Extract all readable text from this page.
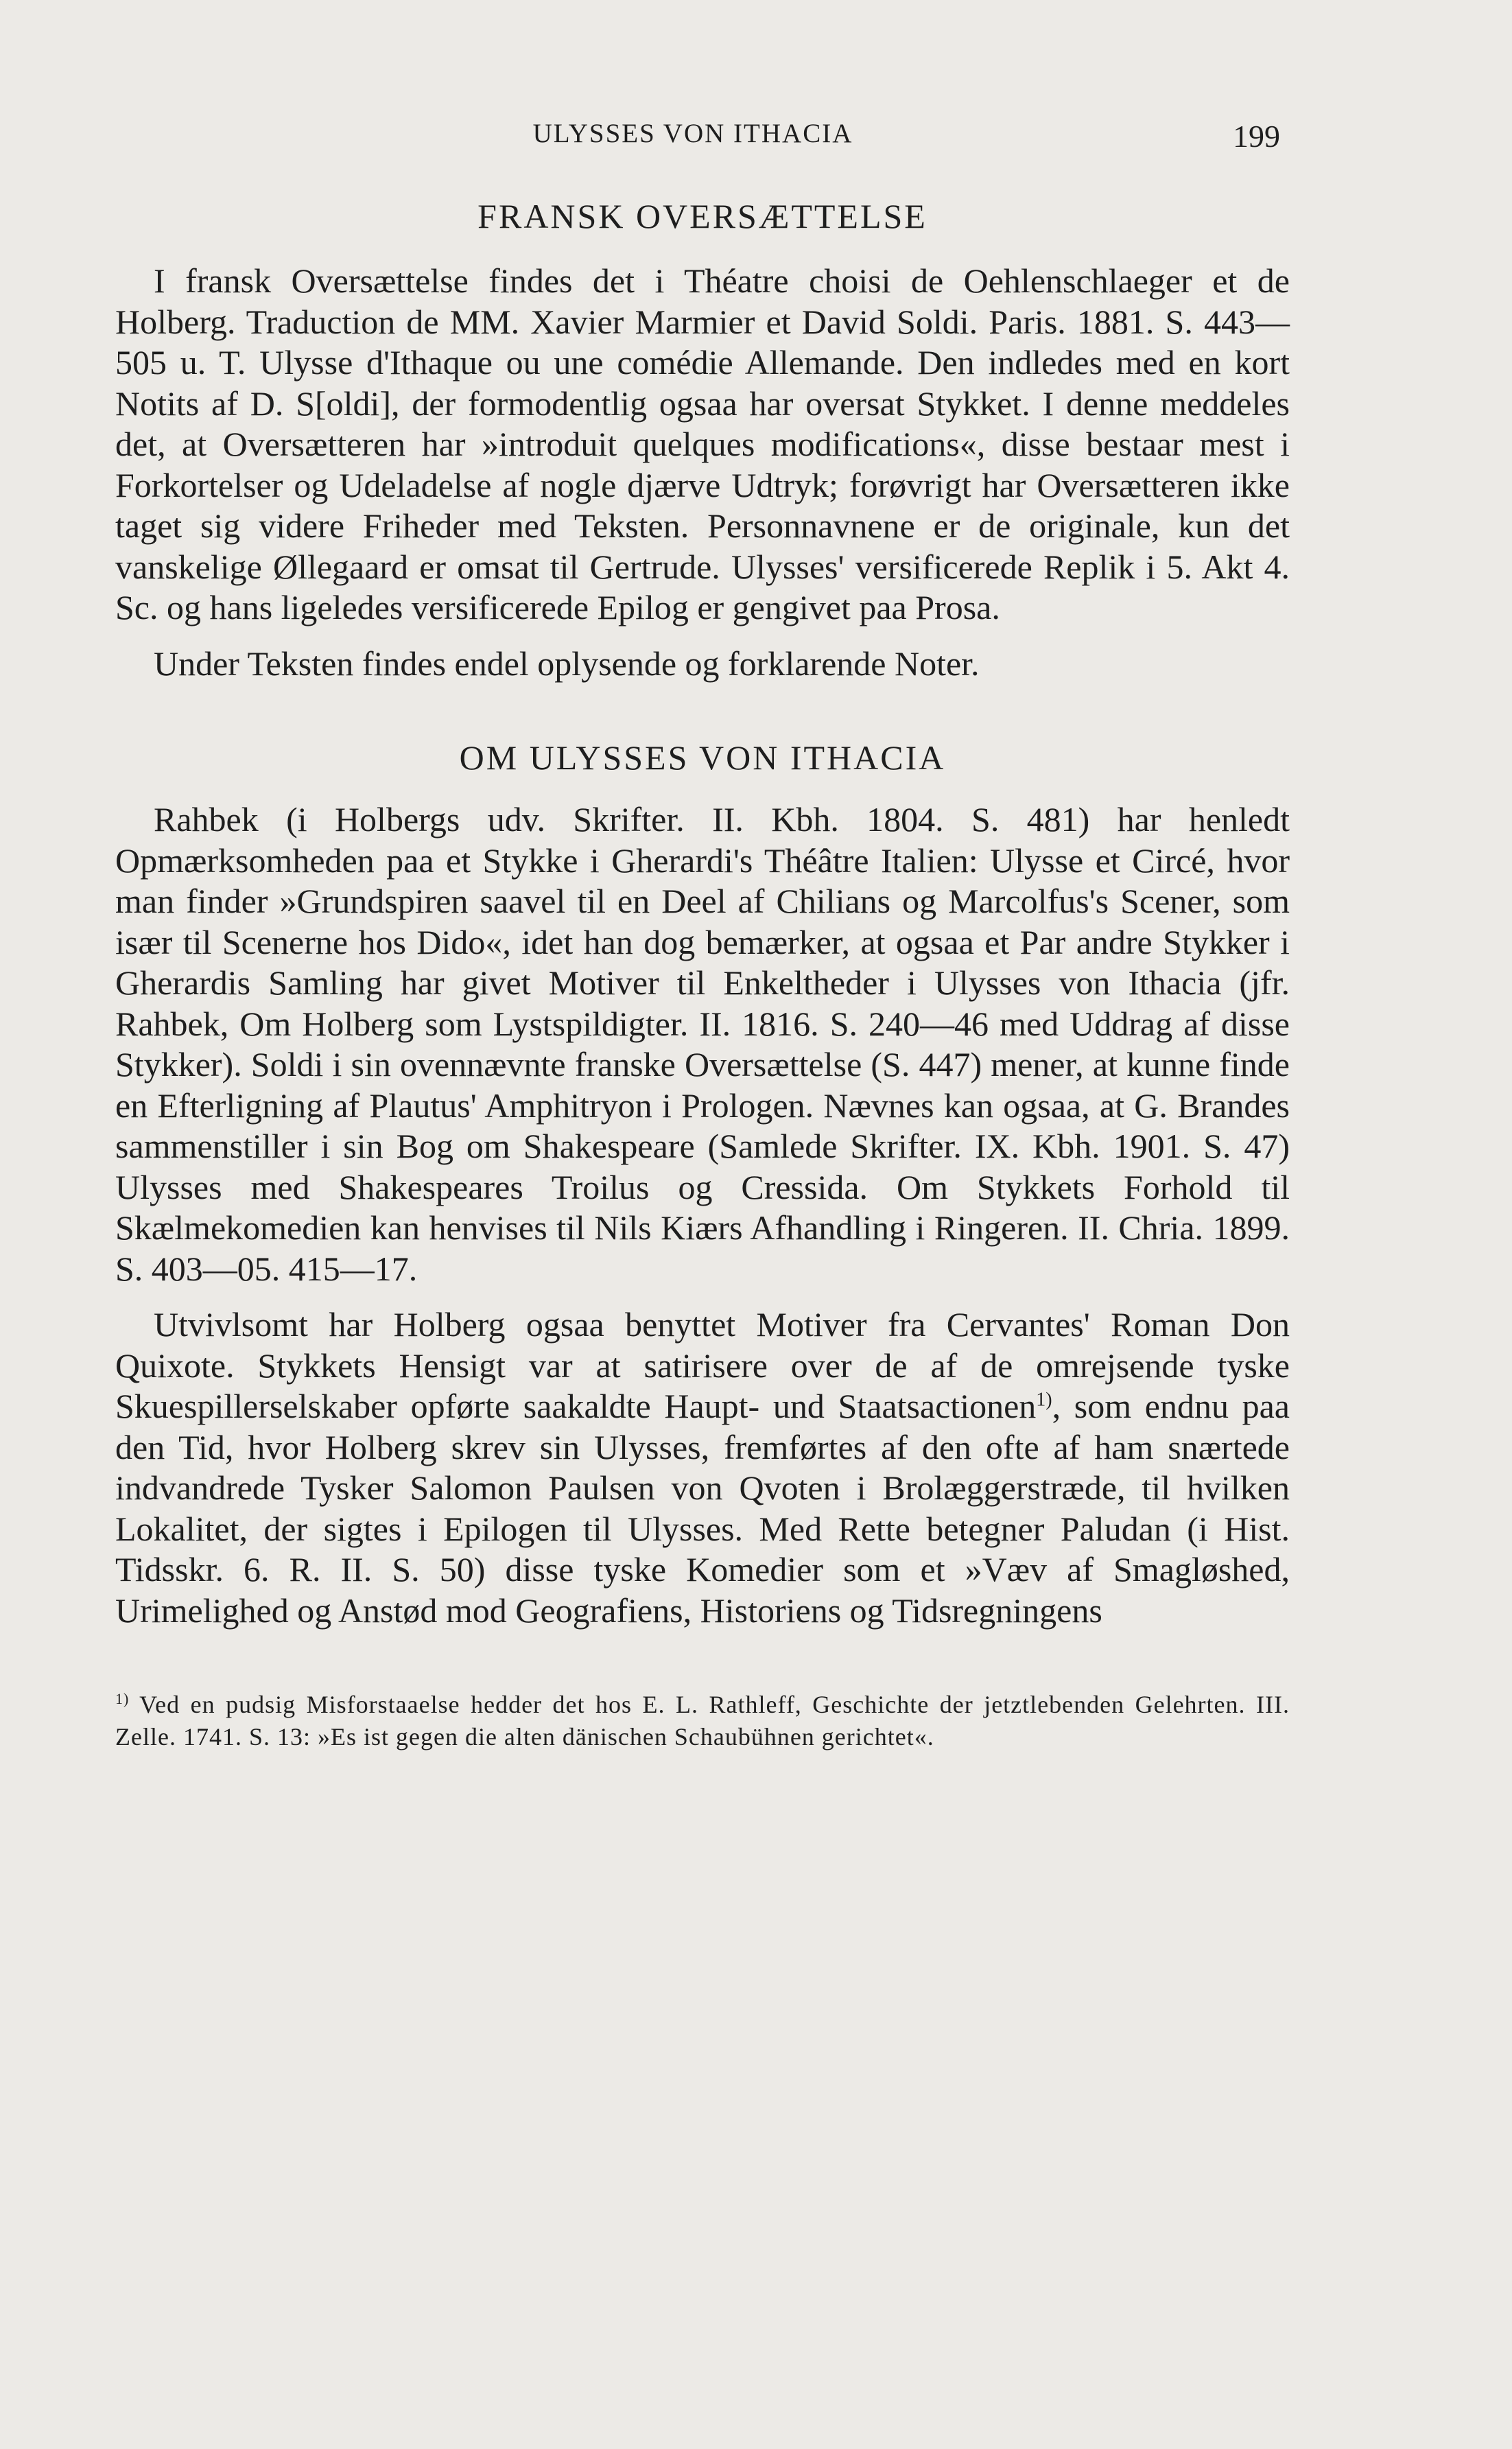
ULYSSES VON ITHACIA	199
FRANSK OVERSÆTTELSE

I fransk Oversættelse findes det i Théatre choisi de Oehlenschlaeger et de Holberg. Traduction de MM. Xavier Marmier et David Soldi. Paris. 1881. S. 443—505 u. T. Ulysse d'Ithaque ou une comédie Allemande. Den indledes med en kort Notits af D. S[oldi], der formodentlig ogsaa har oversat Stykket. I denne meddeles det, at Oversætteren har »introduit quelques modifications«, disse bestaar mest i Forkortelser og Udeladelse af nogle djærve Udtryk; forøvrigt har Oversætteren ikke taget sig videre Friheder med Teksten. Personnavnene er de originale, kun det vanskelige Øllegaard er omsat til Gertrude. Ulysses' versificerede Replik i 5. Akt 4. Sc. og hans ligeledes versificerede Epilog er gengivet paa Prosa.

Under Teksten findes endel oplysende og forklarende Noter.

OM ULYSSES VON ITHACIA

Rahbek (i Holbergs udv. Skrifter. II. Kbh. 1804. S. 481) har henledt Opmærksomheden paa et Stykke i Gherardi's Théâtre Italien: Ulysse et Circé, hvor man finder »Grundspiren saavel til en Deel af Chilians og Marcolfus's Scener, som især til Scenerne hos Dido«, idet han dog bemærker, at ogsaa et Par andre Stykker i Gherardis Samling har givet Motiver til Enkeltheder i Ulysses von Ithacia (jfr. Rahbek, Om Holberg som Lystspildigter. II. 1816. S. 240—46 med Uddrag af disse Stykker). Soldi i sin ovennævnte franske Oversættelse (S. 447) mener, at kunne finde en Efterligning af Plautus' Amphitryon i Prologen. Nævnes kan ogsaa, at G. Brandes sammenstiller i sin Bog om Shakespeare (Samlede Skrifter. IX. Kbh. 1901. S. 47) Ulysses med Shakespeares Troilus og Cressida. Om Stykkets Forhold til Skælmekomedien kan henvises til Nils Kiærs Afhandling i Ringeren. II. Chria. 1899. S. 403—05. 415—17.

Utvivlsomt har Holberg ogsaa benyttet Motiver fra Cervantes' Roman Don Quixote. Stykkets Hensigt var at satirisere over de af de omrejsende tyske Skuespillerselskaber opførte saakaldte Haupt- und Staatsactionen$^{1)}$, som endnu paa den Tid, hvor Holberg skrev sin Ulysses, fremførtes af den ofte af ham snærtede indvandrede Tysker Salomon Paulsen von Qvoten i Brolæggerstræde, til hvilken Lokalitet, der sigtes i Epilogen til Ulysses. Med Rette betegner Paludan (i Hist. Tidsskr. 6. R. II. S. 50) disse tyske Komedier som et »Væv af Smagløshed, Urimelighed og Anstød mod Geografiens, Historiens og Tidsregningens

$^{1)}$ Ved en pudsig Misforstaaelse hedder det hos E. L. Rathleff, Geschichte der jetztlebenden Gelehrten. III. Zelle. 1741. S. 13: »Es ist gegen die alten dänischen Schaubühnen gerichtet«.
